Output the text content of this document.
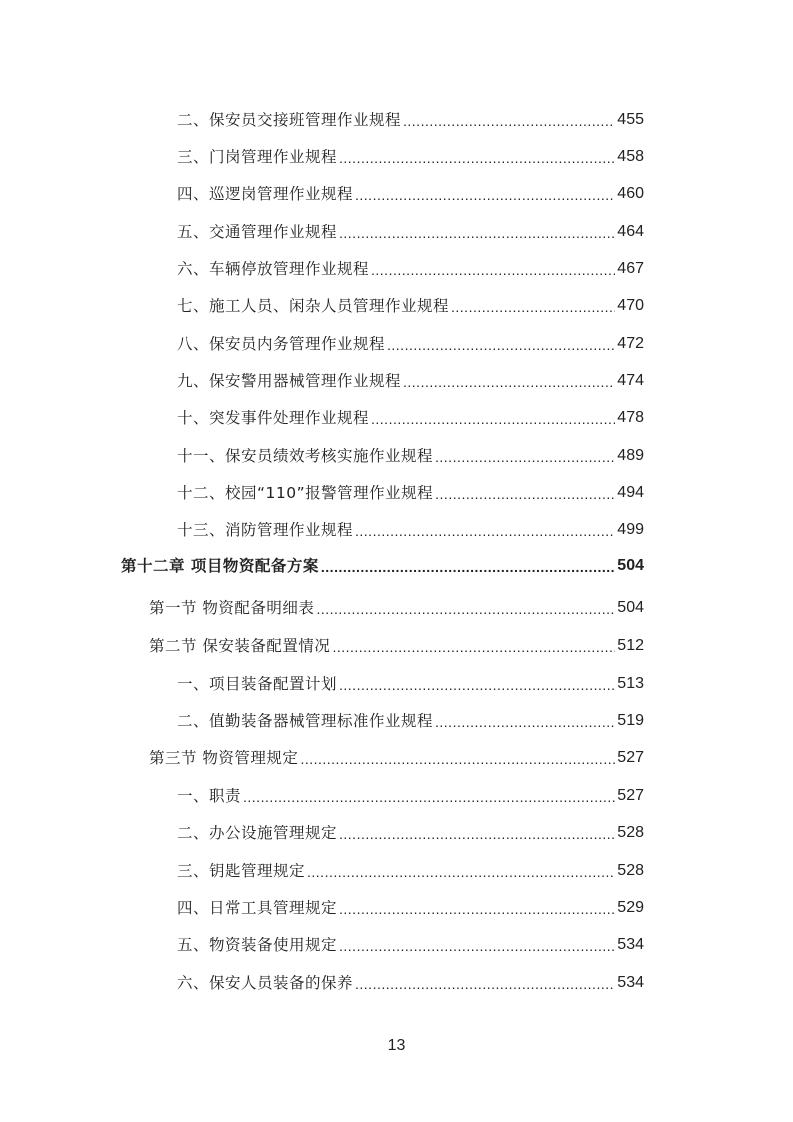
二、保安员交接班管理作业规程 .....	455
三、门岗管理作业规程 .....	458
四、巡逻岗管理作业规程 .....	460
五、交通管理作业规程 .....	464
六、车辆停放管理作业规程 .....	467
七、施工人员、闲杂人员管理作业规程 .....	470
八、保安员内务管理作业规程 .....	472
九、保安警用器械管理作业规程 .....	474
十、突发事件处理作业规程 .....	478
十一、保安员绩效考核实施作业规程 .....	489
十二、校园“110”报警管理作业规程 .....	494
十三、消防管理作业规程 .....	499
第十二章 项目物资配备方案 .....	504
第一节 物资配备明细表 .....	504
第二节 保安装备配置情况 .....	512
一、项目装备配置计划 .....	513
二、值勤装备器械管理标准作业规程 .....	519
第三节 物资管理规定 .....	527
一、职责 .....	527
二、办公设施管理规定 .....	528
三、钥匙管理规定 .....	528
四、日常工具管理规定 .....	529
五、物资装备使用规定 .....	534
六、保安人员装备的保养 .....	534
13
